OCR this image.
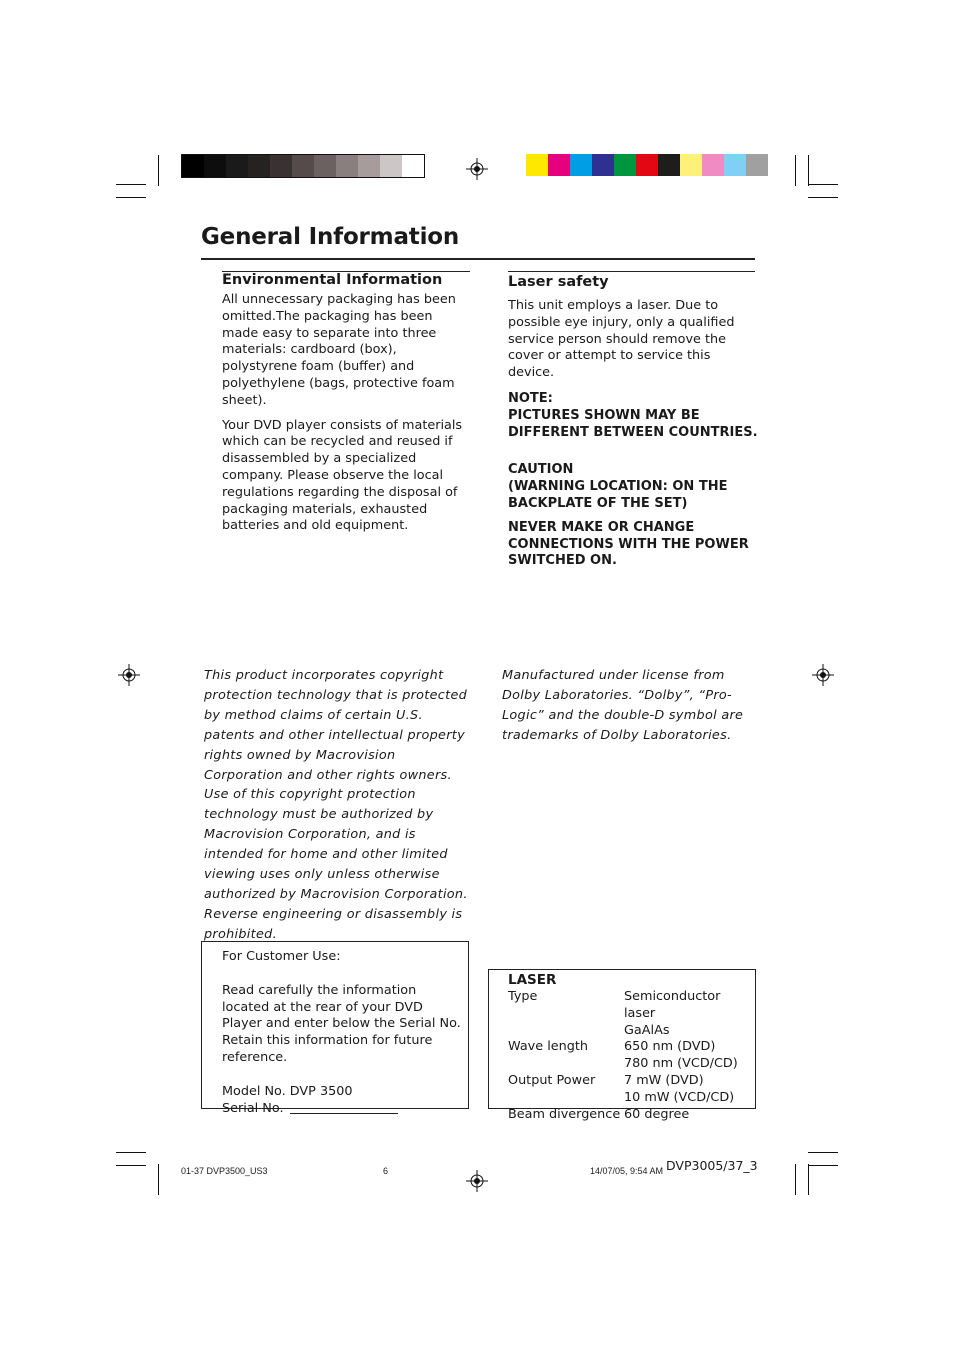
General Information

Environmental Information

All unnecessary packaging has been omitted.The packaging has been made easy to separate into three materials: cardboard (box), polystyrene foam (buffer) and polyethylene (bags, protective foam sheet).

Your DVD player consists of materials which can be recycled and reused if disassembled by a specialized company. Please observe the local regulations regarding the disposal of packaging materials, exhausted batteries and old equipment.

Laser safety

This unit employs a laser. Due to possible eye injury, only a qualified service person should remove the cover or attempt to service this device.

NOTE:
PICTURES SHOWN MAY BE DIFFERENT BETWEEN COUNTRIES.
CAUTION
(WARNING LOCATION: ON THE BACKPLATE OF THE SET)
NEVER MAKE OR CHANGE CONNECTIONS WITH THE POWER SWITCHED ON.
This product incorporates copyright protection technology that is protected by method claims of certain U.S. patents and other intellectual property rights owned by Macrovision Corporation and other rights owners. Use of this copyright protection technology must be authorized by Macrovision Corporation, and is intended for home and other limited viewing uses only unless otherwise authorized by Macrovision Corporation. Reverse engineering or disassembly is prohibited.
Manufactured under license from Dolby Laboratories. “Dolby”, “Pro-Logic” and the double-D symbol are trademarks of Dolby Laboratories.
For Customer Use:
Read carefully the information located at the rear of your DVD Player and enter below the Serial No. Retain this information for future reference.
Model No. DVP 3500
Serial No.
LASER
Type	Semiconductor laser
GaAlAs
Wave length	650 nm (DVD)
780 nm (VCD/CD)
Output Power	7 mW (DVD)
10 mW (VCD/CD)
Beam divergence 60 degree
01-37 DVP3500_US3	6	14/07/05, 9:54 AM DVP3005/37_3
